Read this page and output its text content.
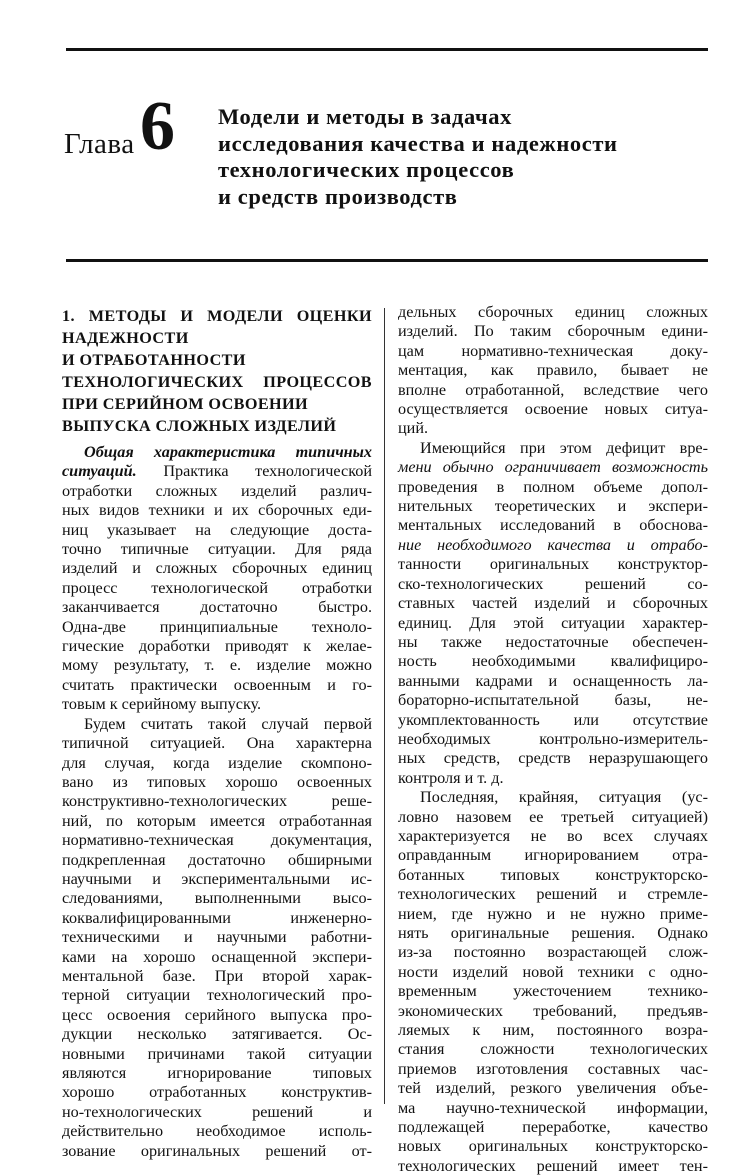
Глава 6 Модели и методы в задачах
исследования качества и надежности
технологических процессов
и средств производств
1. МЕТОДЫ И МОДЕЛИ ОЦЕНКИ
НАДЕЖНОСТИ
И ОТРАБОТАННОСТИ
ТЕХНОЛОГИЧЕСКИХ ПРОЦЕССОВ
ПРИ СЕРИЙНОМ ОСВОЕНИИ
ВЫПУСКА СЛОЖНЫХ ИЗДЕЛИЙ

Общая характеристика типичных
ситуаций. Практика технологической
отработки сложных изделий различ-
ных видов техники и их сборочных еди-
ниц указывает на следующие доста-
точно типичные ситуации. Для ряда
изделий и сложных сборочных единиц
процесс технологической отработки
заканчивается достаточно быстро.
Одна-две принципиальные техноло-
гические доработки приводят к желае-
мому результату, т. е. изделие можно
считать практически освоенным и го-
товым к серийному выпуску.

Будем считать такой случай первой
типичной ситуацией. Она характерна
для случая, когда изделие скомпоно-
вано из типовых хорошо освоенных
конструктивно-технологических реше-
ний, по которым имеется отработанная
нормативно-техническая документация,
подкрепленная достаточно обширными
научными и экспериментальными ис-
следованиями, выполненными высо-
коквалифицированными инженерно-
техническими и научными работни-
ками на хорошо оснащенной экспери-
ментальной базе. При второй харак-
терной ситуации технологический про-
цесс освоения серийного выпуска про-
дукции несколько затягивается. Ос-
новными причинами такой ситуации
являются игнорирование типовых
хорошо отработанных конструктив-
но-технологических решений и
действительно необходимое исполь-
зование оригинальных решений от-

дельных сборочных единиц сложных
изделий. По таким сборочным едини-
цам нормативно-техническая доку-
ментация, как правило, бывает не
вполне отработанной, вследствие чего
осуществляется освоение новых ситуа-
ций.

Имеющийся при этом дефицит вре-
мени обычно ограничивает возможность
проведения в полном объеме допол-
нительных теоретических и экспери-
ментальных исследований в обоснова-
ние необходимого качества и отрабо-
танности оригинальных конструктор-
ско-технологических решений со-
ставных частей изделий и сборочных
единиц. Для этой ситуации характер-
ны также недостаточные обеспечен-
ность необходимыми квалифициро-
ванными кадрами и оснащенность ла-
бораторно-испытательной базы, не-
укомплектованность или отсутствие
необходимых контрольно-измеритель-
ных средств, средств неразрушающего
контроля и т. д.

Последняя, крайняя, ситуация (ус-
ловно назовем ее третьей ситуацией)
характеризуется не во всех случаях
оправданным игнорированием отра-
ботанных типовых конструкторско-
технологических решений и стремле-
нием, где нужно и не нужно приме-
нять оригинальные решения. Однако
из-за постоянно возрастающей слож-
ности изделий новой техники с одно-
временным ужесточением технико-
экономических требований, предъяв-
ляемых к ним, постоянного возра-
стания сложности технологических
приемов изготовления составных час-
тей изделий, резкого увеличения объе-
ма научно-технической информации,
подлежащей переработке, качество
новых оригинальных конструкторско-
технологических решений имеет тен-
